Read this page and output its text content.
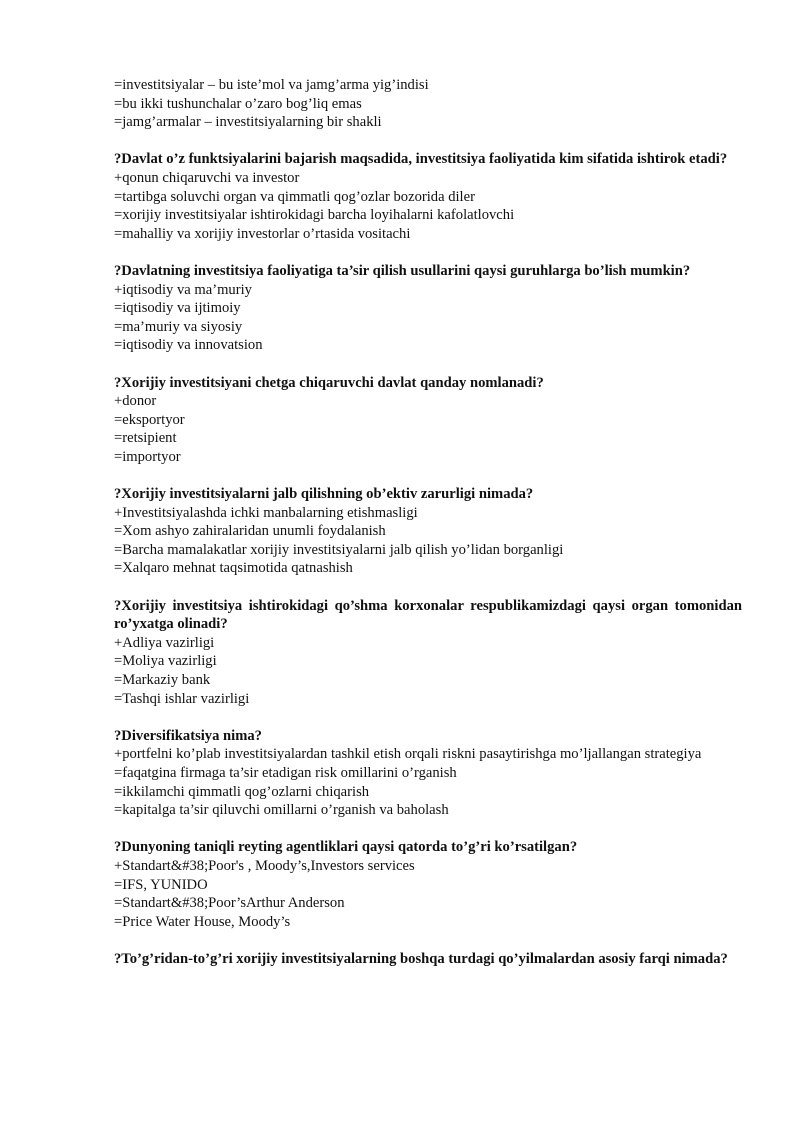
=investitsiyalar – bu iste’mol va jamg’arma yig’indisi

=bu ikki tushunchalar o’zaro bog’liq emas

=jamg’armalar – investitsiyalarning bir shakli

?Davlat o’z funktsiyalarini bajarish maqsadida, investitsiya faoliyatida kim sifatida ishtirok etadi?

+qonun chiqaruvchi va investor

=tartibga soluvchi organ va qimmatli qog’ozlar bozorida diler

=xorijiy investitsiyalar ishtirokidagi barcha loyihalarni kafolatlovchi

=mahalliy va xorijiy investorlar o’rtasida vositachi

?Davlatning investitsiya faoliyatiga ta’sir qilish usullarini qaysi guruhlarga bo’lish mumkin?

+iqtisodiy va ma’muriy

=iqtisodiy va ijtimoiy

=ma’muriy va siyosiy

=iqtisodiy va innovatsion

?Xorijiy investitsiyani chetga chiqaruvchi davlat qanday nomlanadi?

+donor

=eksportyor

=retsipient

=importyor

?Xorijiy investitsiyalarni jalb qilishning ob’ektiv zarurligi nimada?

+Investitsiyalashda ichki manbalarning etishmasligi

=Xom ashyo zahiralaridan unumli foydalanish

=Barcha mamalakatlar xorijiy investitsiyalarni jalb qilish yo’lidan borganligi

=Xalqaro mehnat taqsimotida qatnashish

?Xorijiy investitsiya ishtirokidagi qo’shma korxonalar respublikamizdagi qaysi organ tomonidan ro’yxatga olinadi?

+Adliya vazirligi

=Moliya vazirligi

=Markaziy bank

=Tashqi ishlar vazirligi

?Diversifikatsiya nima?

+portfelni ko’plab investitsiyalardan tashkil etish orqali riskni pasaytirishga mo’ljallangan strategiya

=faqatgina firmaga ta’sir etadigan risk omillarini o’rganish

=ikkilamchi qimmatli qog’ozlarni chiqarish

=kapitalga ta’sir qiluvchi omillarni o’rganish va baholash

?Dunyoning taniqli reyting agentliklari qaysi qatorda to’g’ri ko’rsatilgan?

+Standart&#38;Poor's , Moody’s,Investors services

=IFS, YUNIDO

=Standart&#38;Poor’sArthur Anderson

=Price Water House, Moody’s

?To’g’ridan-to’g’ri xorijiy investitsiyalarning boshqa turdagi qo’yilmalardan asosiy farqi nimada?
